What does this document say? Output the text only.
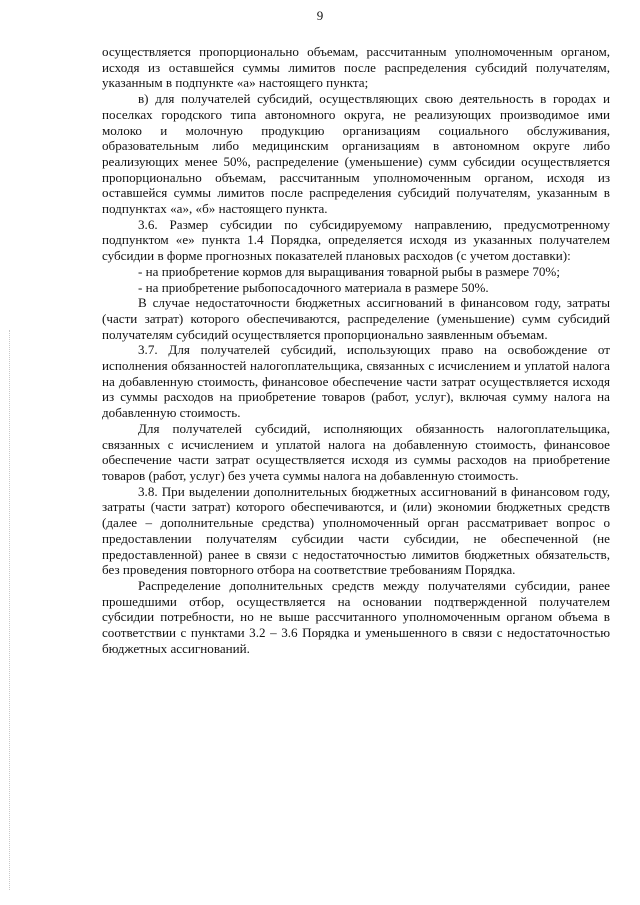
9

осуществляется пропорционально объемам, рассчитанным уполномоченным органом, исходя из оставшейся суммы лимитов после распределения субсидий получателям, указанным в подпункте «а» настоящего пункта;

в) для получателей субсидий, осуществляющих свою деятельность в городах и поселках городского типа автономного округа, не реализующих производимое ими молоко и молочную продукцию организациям социального обслуживания, образовательным либо медицинским организациям в автономном округе либо реализующих менее 50%, распределение (уменьшение) сумм субсидии осуществляется пропорционально объемам, рассчитанным уполномоченным органом, исходя из оставшейся суммы лимитов после распределения субсидий получателям, указанным в подпунктах «а», «б» настоящего пункта.

3.6. Размер субсидии по субсидируемому направлению, предусмотренному подпунктом «е» пункта 1.4 Порядка, определяется исходя из указанных получателем субсидии в форме прогнозных показателей плановых расходов (с учетом доставки):

- на приобретение кормов для выращивания товарной рыбы в размере 70%;

- на приобретение рыбопосадочного материала в размере 50%.

В случае недостаточности бюджетных ассигнований в финансовом году, затраты (части затрат) которого обеспечиваются, распределение (уменьшение) сумм субсидий получателям субсидий осуществляется пропорционально заявленным объемам.

3.7. Для получателей субсидий, использующих право на освобождение от исполнения обязанностей налогоплательщика, связанных с исчислением и уплатой налога на добавленную стоимость, финансовое обеспечение части затрат осуществляется исходя из суммы расходов на приобретение товаров (работ, услуг), включая сумму налога на добавленную стоимость.

Для получателей субсидий, исполняющих обязанность налогоплательщика, связанных с исчислением и уплатой налога на добавленную стоимость, финансовое обеспечение части затрат осуществляется исходя из суммы расходов на приобретение товаров (работ, услуг) без учета суммы налога на добавленную стоимость.

3.8. При выделении дополнительных бюджетных ассигнований в финансовом году, затраты (части затрат) которого обеспечиваются, и (или) экономии бюджетных средств (далее – дополнительные средства) уполномоченный орган рассматривает вопрос о предоставлении получателям субсидии части субсидии, не обеспеченной (не предоставленной) ранее в связи с недостаточностью лимитов бюджетных обязательств, без проведения повторного отбора на соответствие требованиям Порядка.

Распределение дополнительных средств между получателями субсидии, ранее прошедшими отбор, осуществляется на основании подтвержденной получателем субсидии потребности, но не выше рассчитанного уполномоченным органом объема в соответствии с пунктами 3.2 – 3.6 Порядка и уменьшенного в связи с недостаточностью бюджетных ассигнований.
